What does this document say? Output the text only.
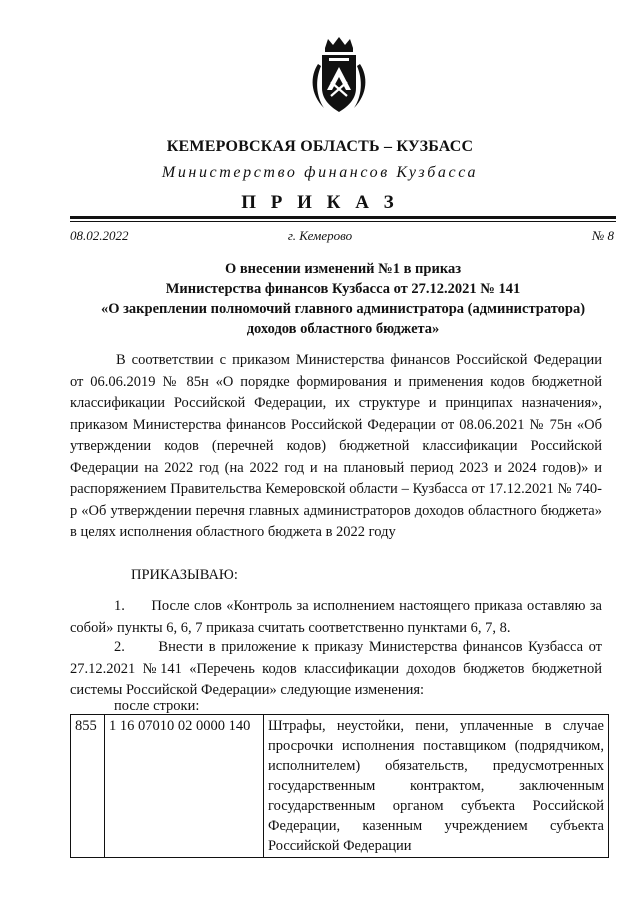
КЕМЕРОВСКАЯ ОБЛАСТЬ – КУЗБАСС
Министерство финансов Кузбасса
П Р И К А З
08.02.2022	г. Кемерово	№ 8
О внесении изменений №1 в приказ
Министерства финансов Кузбасса от 27.12.2021 № 141
«О закреплении полномочий главного администратора (администратора)
доходов областного бюджета»
В соответствии с приказом Министерства финансов Российской Федерации от 06.06.2019 № 85н «О порядке формирования и применения кодов бюджетной классификации Российской Федерации, их структуре и принципах назначения», приказом Министерства финансов Российской Федерации от 08.06.2021 № 75н «Об утверждении кодов (перечней кодов) бюджетной классификации Российской Федерации на 2022 год (на 2022 год и на плановый период 2023 и 2024 годов)» и распоряжением Правительства Кемеровской области – Кузбасса от 17.12.2021 № 740-р «Об утверждении перечня главных администраторов доходов областного бюджета» в целях исполнения областного бюджета в 2022 году
ПРИКАЗЫВАЮ:
1.      После слов «Контроль за исполнением настоящего приказа оставляю за собой» пункты 6, 6, 7 приказа считать соответственно пунктами 6, 7, 8.
2.      Внести в приложение к приказу Министерства финансов Кузбасса от 27.12.2021 №141 «Перечень кодов классификации доходов бюджетов бюджетной системы Российской Федерации» следующие изменения:
после строки:
855	1 16 07010 02 0000 140	Штрафы, неустойки, пени, уплаченные в случае просрочки исполнения поставщиком (подрядчиком, исполнителем) обязательств, предусмотренных государственным контрактом, заключенным государственным органом субъекта Российской Федерации, казенным учреждением субъекта Российской Федерации
